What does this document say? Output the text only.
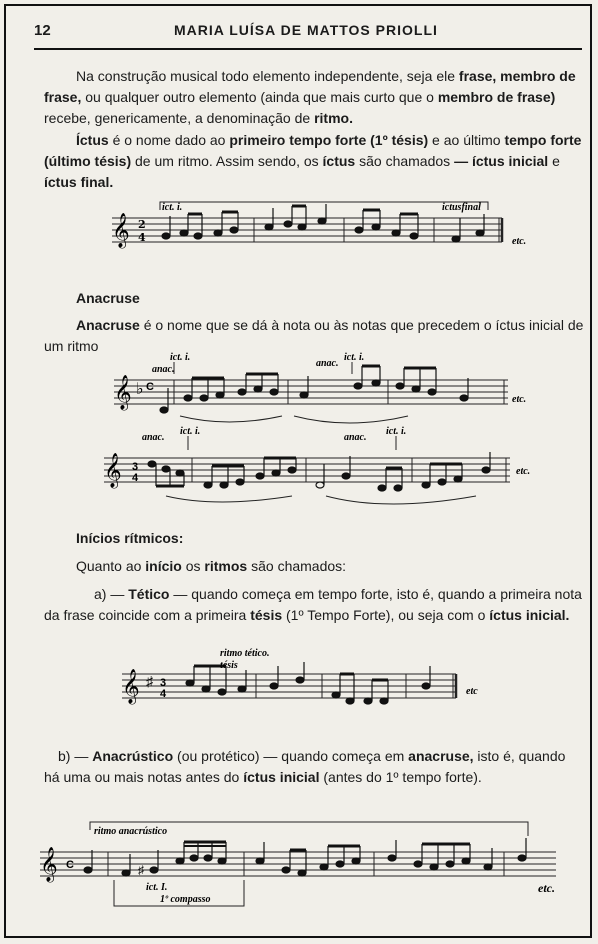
12	MARIA LUÍSA DE MATTOS PRIOLLI
Na construção musical todo elemento independente, seja ele frase, membro de frase, ou qualquer outro elemento (ainda que mais curto que o membro de frase) recebe, genericamente, a denominação de ritmo.
Íctus é o nome dado ao primeiro tempo forte (1º tésis) e ao último tempo forte (último tésis) de um ritmo. Assim sendo, os íctus são chamados — íctus inicial e íctus final.
𝄞 2
4
ict. i.	ictusfinal
etc.
Anacruse
Anacruse é o nome que se dá à nota ou às notas que precedem o íctus inicial de um ritmo
𝄞 ♭ C
anac.
ict. i.
anac.
ict. i.
etc.
𝄞 3
4
anac.
ict. i.
anac.
ict. i.
etc.
Inícios rítmicos:
Quanto ao início os ritmos são chamados:
a) — Tético — quando começa em tempo forte, isto é, quando a primeira nota da frase coincide com a primeira tésis (1º Tempo Forte), ou seja com o íctus inicial.
𝄞 ♯ 3
4
ritmo tético.
tésis
etc
b) — Anacrústico (ou protético) — quando começa em anacruse, isto é, quando há uma ou mais notas antes do íctus inicial (antes do 1º tempo forte).
𝄞 C	♯
ritmo anacrústico
ict. I.
1º compasso
etc.
